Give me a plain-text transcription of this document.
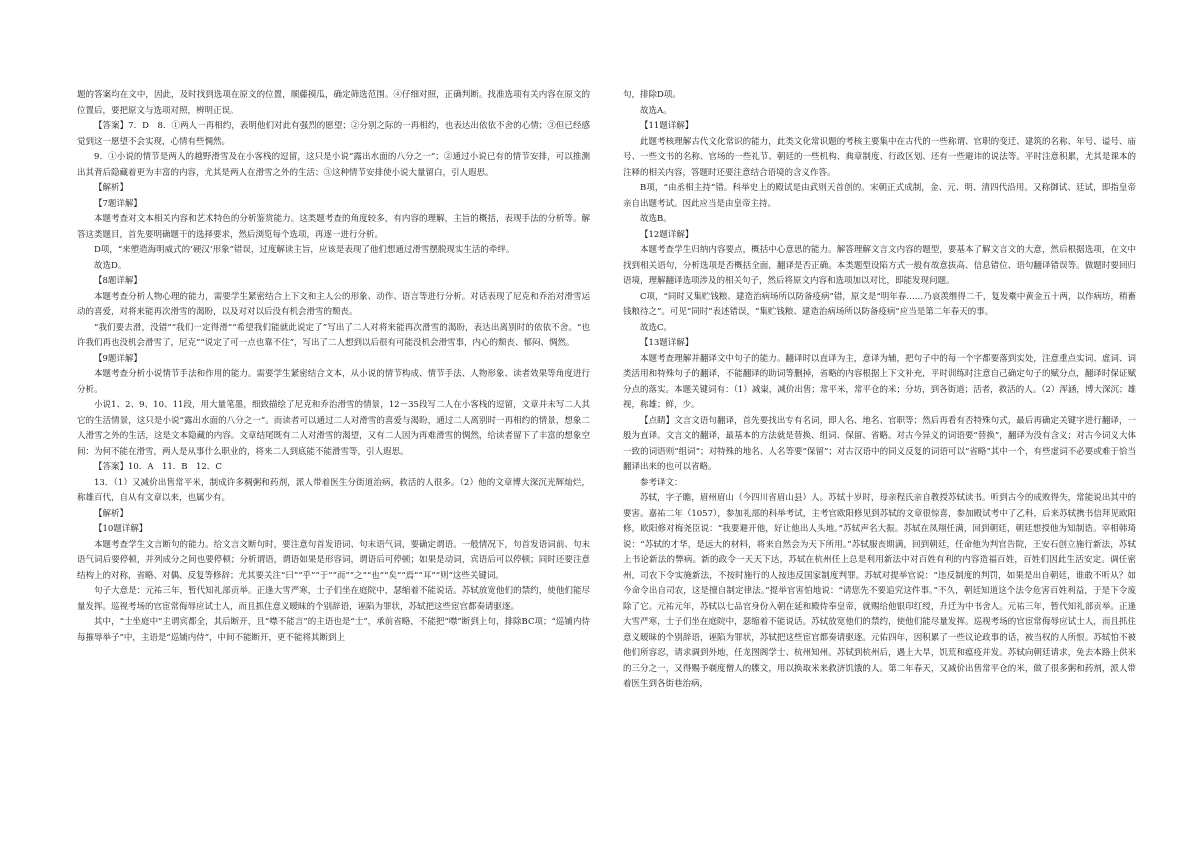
题的答案均在文中，因此，及时找到选项在原文的位置，顺藤摸瓜，确定筛选范围。④仔细对照，正确判断。找准选项有关内容在原文的位置后，要把原文与选项对照，辨明正误。

【答案】7．D　8．①两人一再相约，表明他们对此有强烈的愿望；②分别之际的一再相约，也表达出依依不舍的心情；③但已经感觉到这一愿望不会实现，心情有些惆然。

9．①小说的情节是两人的越野滑雪及在小客栈的逗留，这只是小说“露出水面的八分之一”；②通过小说已有的情节安排，可以推测出其背后隐藏着更为丰富的内容，尤其是两人在滑雪之外的生活；③这种情节安排使小说大量留白，引人遐思。

【解析】

【7题详解】

本题考查对文本相关内容和艺术特色的分析鉴赏能力。这类题考查的角度较多，有内容的理解，主旨的概括，表现手法的分析等。解答这类题目，首先要明确题干的选择要求，然后浏览每个选项，再逐一进行分析。

D项，“来塑造海明威式的‘硬汉’形象”错误，过度解读主旨，应该是表现了他们想通过滑雪摆脱现实生活的牵绊。

故选D。

【8题详解】

本题考查分析人物心理的能力，需要学生紧密结合上下文和主人公的形象、动作、语言等进行分析。对话表现了尼克和乔治对滑雪运动的喜爱，对将来能再次滑雪的渴盼，以及对对以后没有机会滑雪的颓丧。

“我们要去滑，没错”“我们一定得滑”“希望我们能就此说定了”写出了二人对将来能再次滑雪的渴盼，表达出离别时的依依不舍。“也许我们再也没机会滑雪了，尼克”“说定了可一点也靠不住”，写出了二人想到以后很有可能没机会滑雪事，内心的颓丧、郁闷、惆然。

【9题详解】

本题考查分析小说情节手法和作用的能力。需要学生紧密结合文本，从小说的情节构成、情节手法、人物形象、读者效果等角度进行分析。

小说1、2、9、10、11段，用大量笔墨，细致描绘了尼克和乔治滑雪的情景，12－35段写二人在小客栈的逗留，文章并未写二人其它的生活情景，这只是小说“露出水面的八分之一”。而读者可以通过二人对滑雪的喜爱与渴盼，通过二人离别时一再相约的情景，想象二人滑雪之外的生活，这是文本隐藏的内容。文章结尾既有二人对滑雪的渴望，又有二人因为再难滑雪的惆然，给读者留下了丰富的想象空间：为何不能在滑雪，两人是从事什么职业的，将来二人到底能不能滑雪等，引人遐思。

【答案】10．A　11．B　12．C

13．（1）又减价出售常平米，制成许多稠粥和药剂，派人带着医生分街道治病，救活的人很多。（2）他的文章博大深沉光辉灿烂，称雄百代，自从有文章以来，也属少有。

【解析】

【10题详解】

本题考查学生文言断句的能力。给文言文断句时，要注意句首发语词、句末语气词，要确定谓语。一般情况下，句首发语词前、句末语气词后要停顿，并列成分之间也要停顿；分析谓语，谓语如果是形容词，谓语后可停顿；如果是动词，宾语后可以停顿；同时还要注意结构上的对称，省略、对偶、反复等修辞；尤其要关注“曰”“乎”“于”“而”“之”“也”“矣”“焉”“耳”“则”这些关键词。

句子大意是：元祐三年，暂代知礼部贡举。正逢大雪严寒，士子们坐在庭院中，瑟缩着不能说话。苏轼放宽他们的禁约，使他们能尽量发挥。巡视考场的官宦常侮辱应试士人，而且抓住意义暧昧的个别辞语，诬陷为罪状，苏轼把这些宦官都奏请驱逐。

其中，“士坐庭中”主谓宾都全，其后断开，且“噤不能言”的主语也是“士”，承前省略，不能把“噤”断到上句，排除BC项；“巡铺内侍每摧辱举子”中，主语是“巡铺内侍”，中间不能断开，更不能将其断到上

句，排除D项。

故选A。

【11题详解】

此题考核理解古代文化常识的能力，此类文化常识题的考核主要集中在古代的一些称谓、官职的变迁、建筑的名称、年号、谥号、庙号、一些文书的名称、官场的一些礼节、朝廷的一些机构、典章制度、行政区划、还有一些避讳的说法等。平时注意积累，尤其是课本的注释的相关内容，答题时还要注意结合语境的含义作答。

B项，“由丞相主持”错。科举史上的殿试是由武则天首创的。宋朝正式成制，金、元、明、清四代沿用。又称御试、廷试，即指皇帝亲自出题考试。因此应当是由皇帝主持。

故选B。

【12题详解】

本题考查学生归纳内容要点，概括中心意思的能力。解答理解文言文内容的题型，要基本了解文言文的大意，然后根据选项，在文中找到相关语句，分析选项是否概括全面，翻译是否正确。本类题型设陷方式一般有故意拔高、信息错位、语句翻译错误等。做题时要回归语境，理解翻译选项涉及的相关句子，然后将原文内容和选项加以对比，即能发现问题。

C项，“同时又集贮钱粮、建造治病场所以防备疫病”错，原文是“明年春……乃哀羡缗得二千，复发橐中黄金五十两，以作病坊，稍畜钱粮待之”。可见“同时”表述错误，“集贮钱粮、建造治病场所以防备疫病”应当是第二年春天的事。

故选C。

【13题详解】

本题考查理解并翻译文中句子的能力。翻译时以直译为主，意译为辅，把句子中的每一个字都要落到实处，注意重点实词、虚词、词类活用和特殊句子的翻译，不能翻译的助词等删掉，省略的内容根据上下文补充，平时训练时注意自己确定句子的赋分点，翻译时保证赋分点的落实。本题关键词有：（1）减粜，减价出售；常平米，常平仓的米；分坊，到各街道；活者，救活的人。（2）浑涵，博大深沉；雄视，称雄；鲜，少。

【点睛】文言文语句翻译，首先要找出专有名词，即人名、地名、官职等；然后再看有否特殊句式，最后再确定关键字进行翻译，一般为直译。文言文的翻译，最基本的方法就是替换、组词、保留、省略。对古今异义的词语要“替换”，翻译为没有含义；对古今词义大体一致的词语则“组词”；对特殊的地名、人名等要“保留”；对古汉语中的同义反复的词语可以“省略”其中一个，有些虚词不必要或难于恰当翻译出来的也可以省略。

参考译文：

苏轼，字子瞻，眉州眉山（今四川省眉山县）人。苏轼十岁时，母亲程氏亲自教授苏轼读书。听到古今的成败得失，常能说出其中的要害。嘉祐二年（1057），参加礼部的科举考试，主考官欧阳修见到苏轼的文章很惊喜，参加殿试考中了乙科，后来苏轼携书信拜见欧阳修，欧阳修对梅尧臣说：“我要避开他，好让他出人头地。”苏轼声名大振。苏轼在凤翔任满，回到朝廷，朝廷想授他为知制诰。宰相韩琦说：“苏轼的才华，是远大的材料，将来自然会为天下所用。”苏轼服丧期满，回到朝廷，任命他为判官告院，王安石创立施行新法，苏轼上书论新法的弊病。新的政令一天天下达，苏轼在杭州任上总是利用新法中对百姓有利的内容造福百姓，百姓们因此生活安定。调任密州，司农下令实施新法，不按时施行的人按违反国家制度判罪。苏轼对提举官说：“违反制度的判罚，如果是出自朝廷，谁敢不听从？如今命令出自司农，这是擅自制定律法。”提举官害怕地说：“请您先不要追究这件事。”不久，朝廷知道这个法令危害百姓利益，于是下令废除了它。元祐元年，苏轼以七品官身份入朝在延和殿侍奉皇帝，就赐给他银印红绶，升迁为中书舍人。元祐三年，暂代知礼部贡举。正逢大雪严寒，士子们坐在庭院中，瑟缩着不能说话。苏轼放宽他们的禁约，使他们能尽量发挥。巡视考场的官宦常侮辱应试士人，而且抓住意义暧昧的个别辞语，诬陷为罪状，苏轼把这些宦官都奏请驱逐。元佑四年，因积累了一些议论政事的话，被当权的人所恨。苏轼怕不被他们所容忍，请求调到外地，任龙图阁学士、杭州知州。苏轼到杭州后，遇上大旱，饥荒和瘟疫并发。苏轼向朝廷请求，免去本路上供米的三分之一，又得赐予剃度僧人的牒文，用以换取米来救济饥饿的人。第二年春天，又减价出售常平仓的米，做了很多粥和药剂，派人带着医生到各街巷治病，
